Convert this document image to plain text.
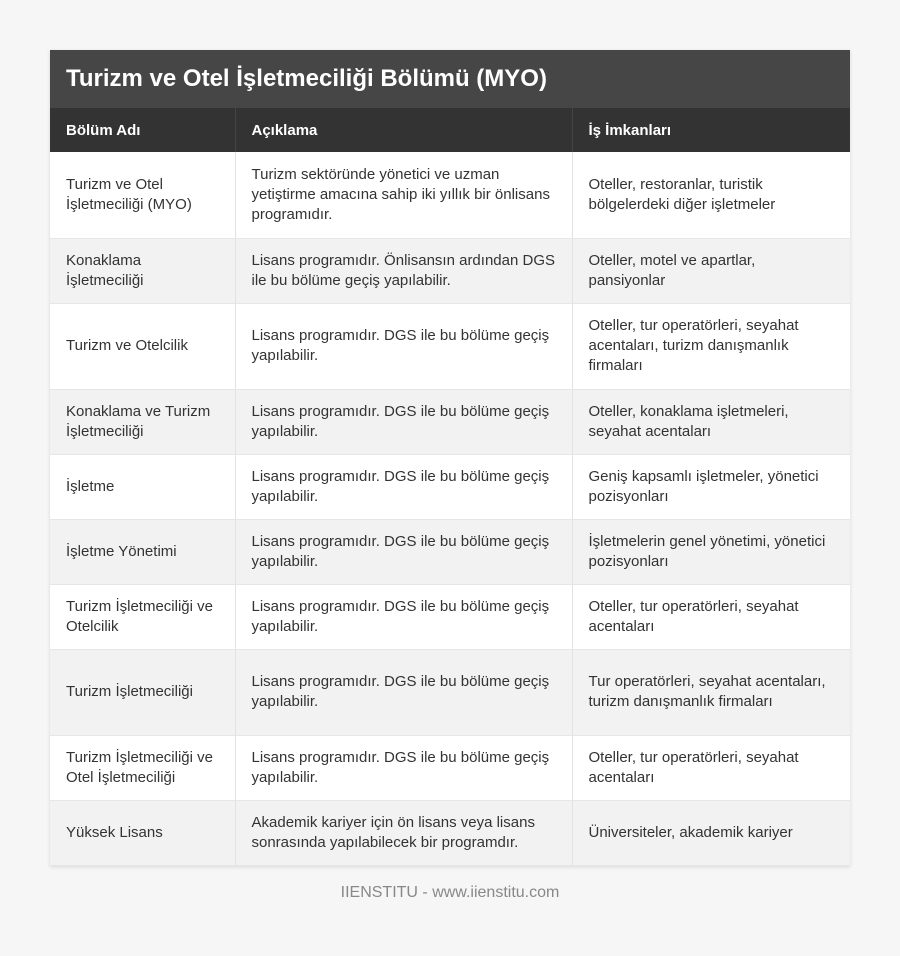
Turizm ve Otel İşletmeciliği Bölümü (MYO)
Bölüm Adı	Açıklama	İş İmkanları
Turizm ve Otel İşletmeciliği (MYO)	Turizm sektöründe yönetici ve uzman yetiştirme amacına sahip iki yıllık bir önlisans programıdır.	Oteller, restoranlar, turistik bölgelerdeki diğer işletmeler
Konaklama İşletmeciliği	Lisans programıdır. Önlisansın ardından DGS ile bu bölüme geçiş yapılabilir.	Oteller, motel ve apartlar, pansiyonlar
Turizm ve Otelcilik	Lisans programıdır. DGS ile bu bölüme geçiş yapılabilir.	Oteller, tur operatörleri, seyahat acentaları, turizm danışmanlık firmaları
Konaklama ve Turizm İşletmeciliği	Lisans programıdır. DGS ile bu bölüme geçiş yapılabilir.	Oteller, konaklama işletmeleri, seyahat acentaları
İşletme	Lisans programıdır. DGS ile bu bölüme geçiş yapılabilir.	Geniş kapsamlı işletmeler, yönetici pozisyonları
İşletme Yönetimi	Lisans programıdır. DGS ile bu bölüme geçiş yapılabilir.	İşletmelerin genel yönetimi, yönetici pozisyonları
Turizm İşletmeciliği ve Otelcilik	Lisans programıdır. DGS ile bu bölüme geçiş yapılabilir.	Oteller, tur operatörleri, seyahat acentaları
Turizm İşletmeciliği	Lisans programıdır. DGS ile bu bölüme geçiş yapılabilir.	Tur operatörleri, seyahat acentaları, turizm danışmanlık firmaları
Turizm İşletmeciliği ve Otel İşletmeciliği	Lisans programıdır. DGS ile bu bölüme geçiş yapılabilir.	Oteller, tur operatörleri, seyahat acentaları
Yüksek Lisans	Akademik kariyer için ön lisans veya lisans sonrasında yapılabilecek bir programdır.	Üniversiteler, akademik kariyer
IIENSTITU - www.iienstitu.com
